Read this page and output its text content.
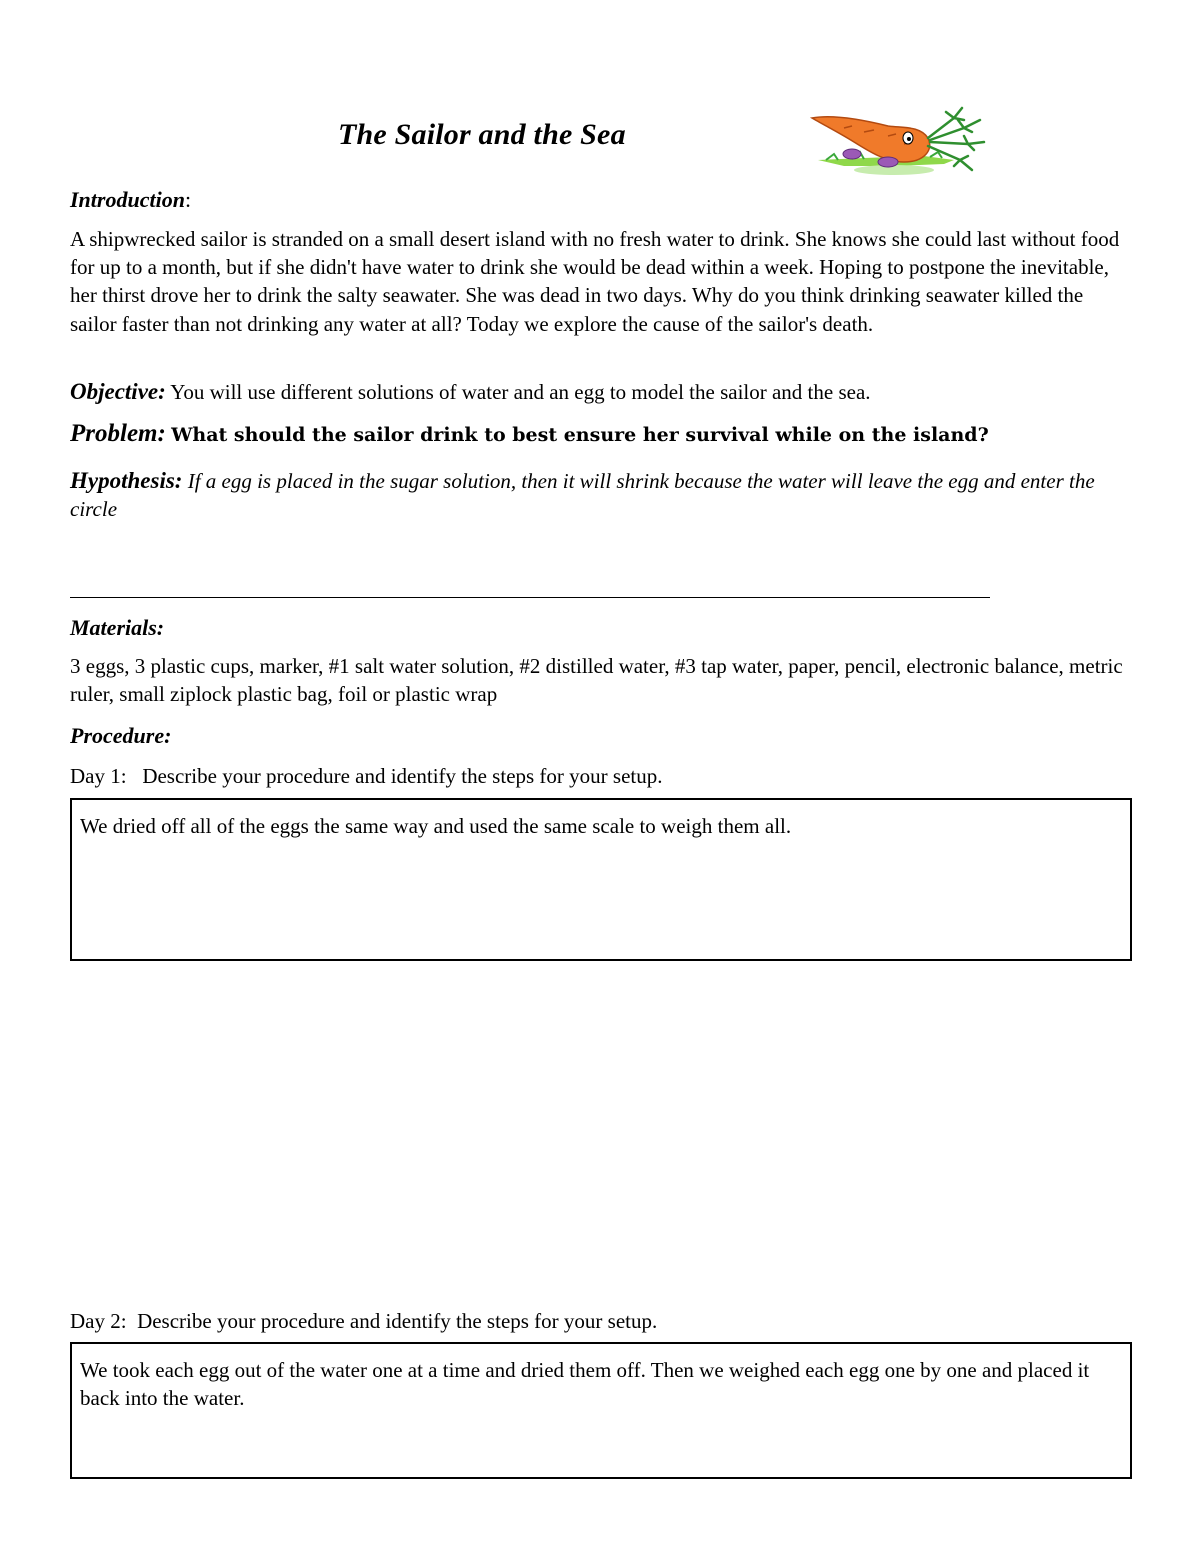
The Sailor and the Sea
Introduction:
A shipwrecked sailor is stranded on a small desert island with no fresh water to drink. She knows she could last without food for up to a month, but if she didn't have water to drink she would be dead within a week. Hoping to postpone the inevitable, her thirst drove her to drink the salty seawater. She was dead in two days. Why do you think drinking seawater killed the sailor faster than not drinking any water at all? Today we explore the cause of the sailor's death.
Objective: You will use different solutions of water and an egg to model the sailor and the sea.
Problem: What should the sailor drink to best ensure her survival while on the island?
Hypothesis: If a egg is placed in the sugar solution, then it will shrink because the water will leave the egg and enter the circle
Materials:
3 eggs, 3 plastic cups, marker, #1 salt water solution, #2 distilled water, #3 tap water, paper, pencil, electronic balance, metric ruler, small ziplock plastic bag, foil or plastic wrap
Procedure:
Day 1:   Describe your procedure and identify the steps for your setup.
We dried off all of the eggs the same way and used the same scale to weigh them all.
Day 2:  Describe your procedure and identify the steps for your setup.
We took each egg out of the water one at a time and dried them off. Then we weighed each egg one by one and placed it back into the water.
